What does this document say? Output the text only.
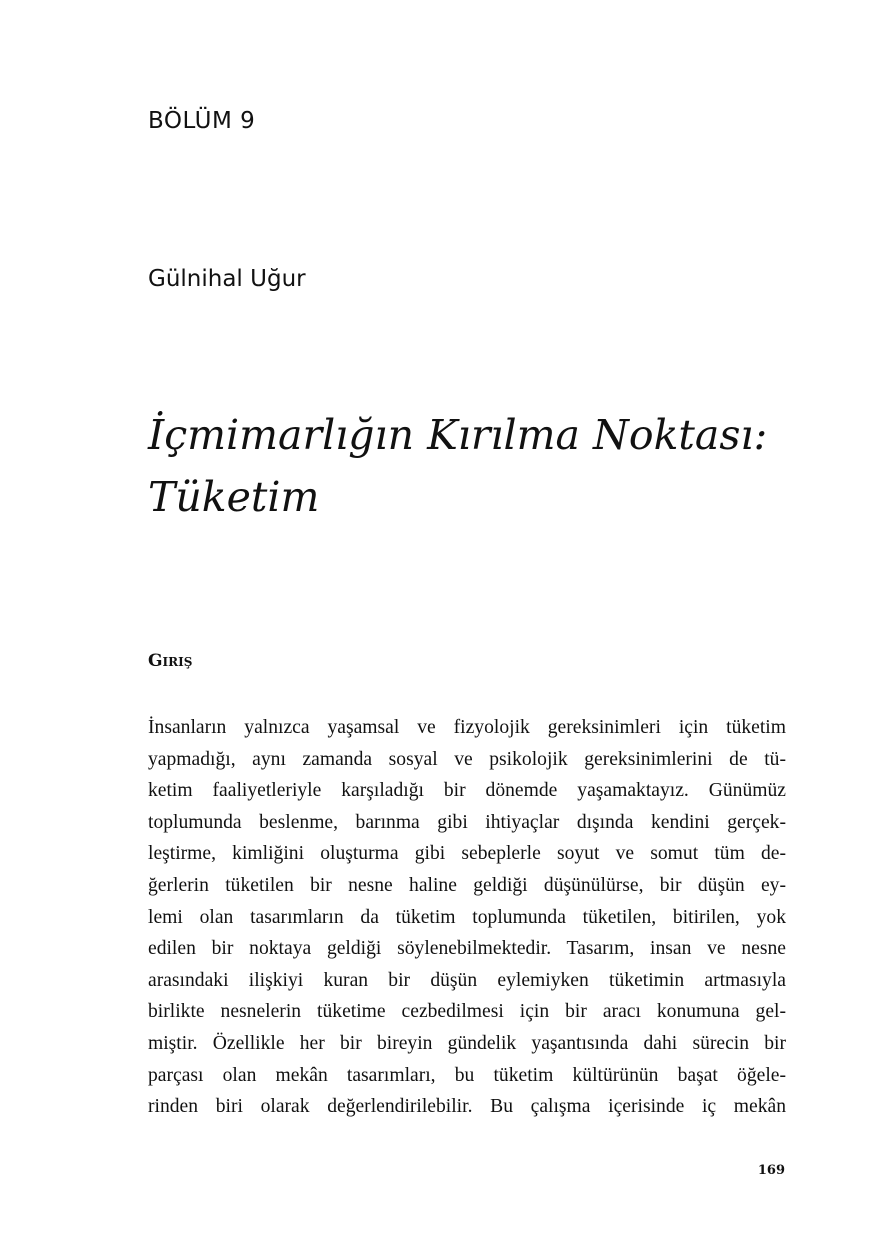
BÖLÜM 9
Gülnihal Uğur
İçmimarlığın Kırılma Noktası:
Tüketim
Giriş
İnsanların yalnızca yaşamsal ve fizyolojik gereksinimleri için tüketim
yapmadığı, aynı zamanda sosyal ve psikolojik gereksinimlerini de tü-
ketim faaliyetleriyle karşıladığı bir dönemde yaşamaktayız. Günümüz
toplumunda beslenme, barınma gibi ihtiyaçlar dışında kendini gerçek-
leştirme, kimliğini oluşturma gibi sebeplerle soyut ve somut tüm de-
ğerlerin tüketilen bir nesne haline geldiği düşünülürse, bir düşün ey-
lemi olan tasarımların da tüketim toplumunda tüketilen, bitirilen, yok
edilen bir noktaya geldiği söylenebilmektedir. Tasarım, insan ve nesne
arasındaki ilişkiyi kuran bir düşün eylemiyken tüketimin artmasıyla
birlikte nesnelerin tüketime cezbedilmesi için bir aracı konumuna gel-
miştir. Özellikle her bir bireyin gündelik yaşantısında dahi sürecin bir
parçası olan mekân tasarımları, bu tüketim kültürünün başat öğele-
rinden biri olarak değerlendirilebilir. Bu çalışma içerisinde iç mekân
169
